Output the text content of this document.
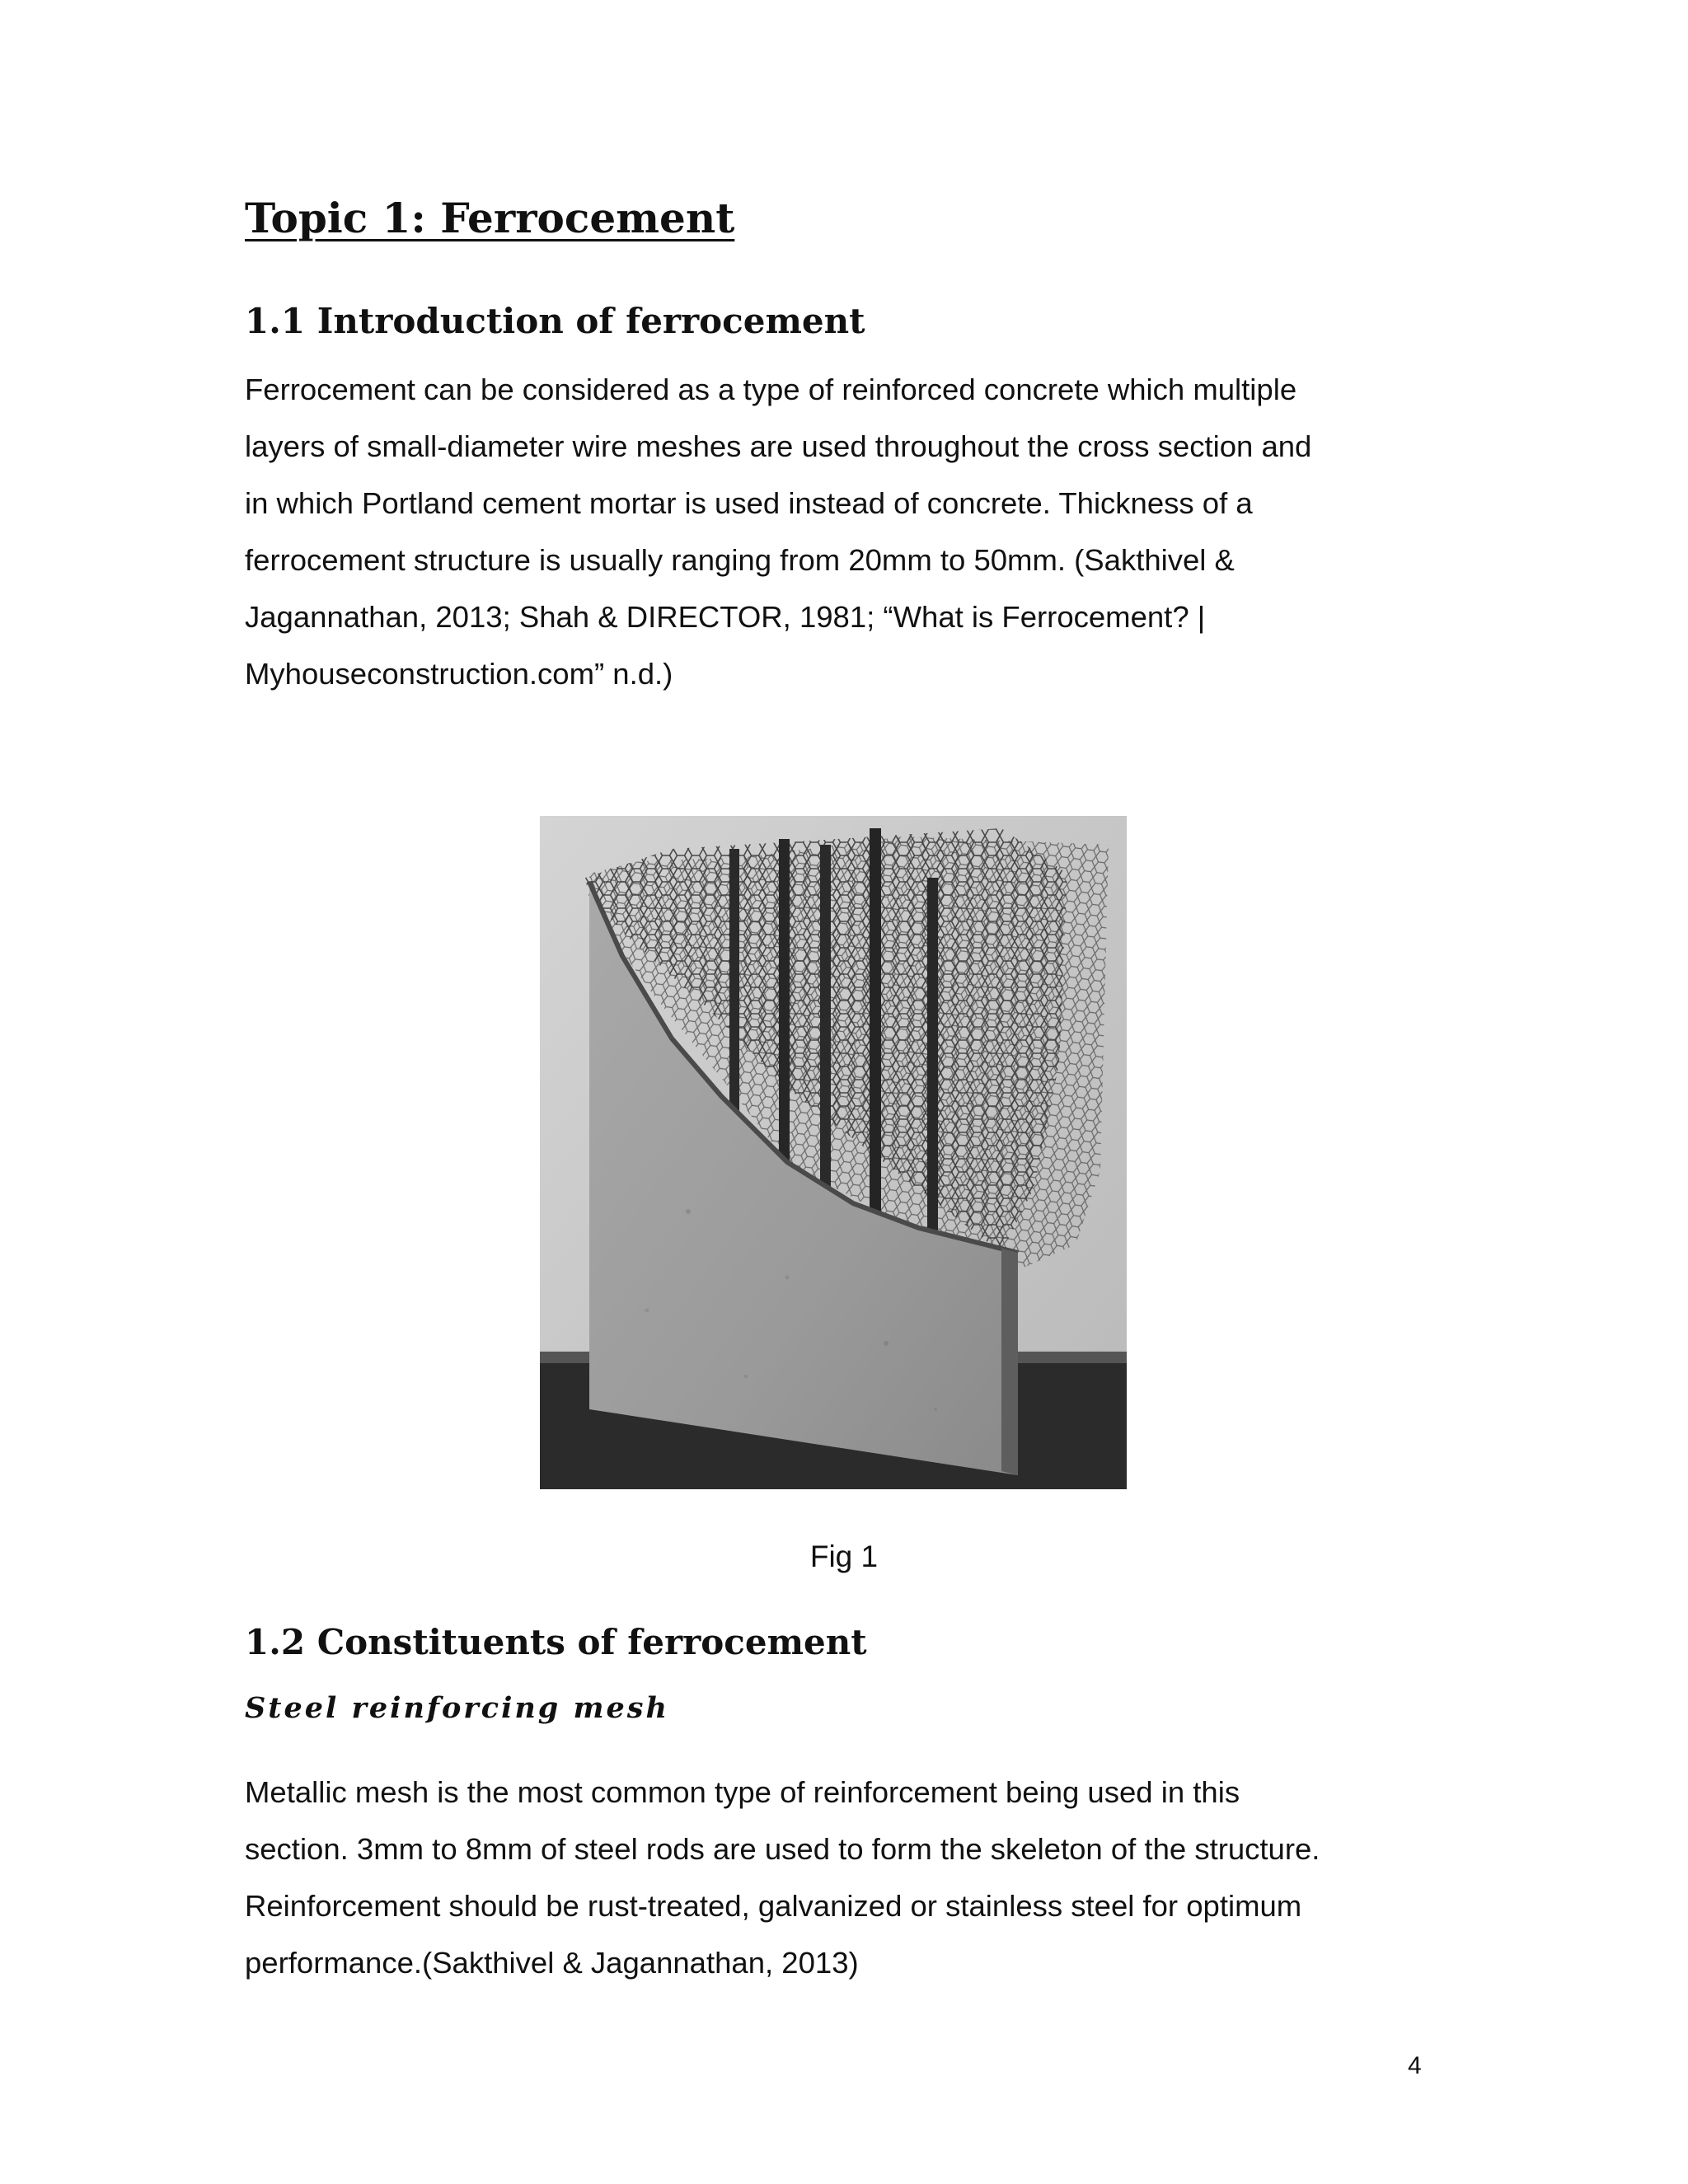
Topic 1: Ferrocement
1.1 Introduction of ferrocement

Ferrocement can be considered as a type of reinforced concrete which multiple
layers of small-diameter wire meshes are used throughout the cross section and
in which Portland cement mortar is used instead of concrete. Thickness of a
ferrocement structure is usually ranging from 20mm to 50mm. (Sakthivel &
Jagannathan, 2013; Shah & DIRECTOR, 1981; “What is Ferrocement? |
Myhouseconstruction.com” n.d.)

Fig 1

1.2 Constituents of ferrocement
Steel reinforcing mesh

Metallic mesh is the most common type of reinforcement being used in this
section. 3mm to 8mm of steel rods are used to form the skeleton of the structure.
Reinforcement should be rust-treated, galvanized or stainless steel for optimum
performance.(Sakthivel & Jagannathan, 2013)

4
